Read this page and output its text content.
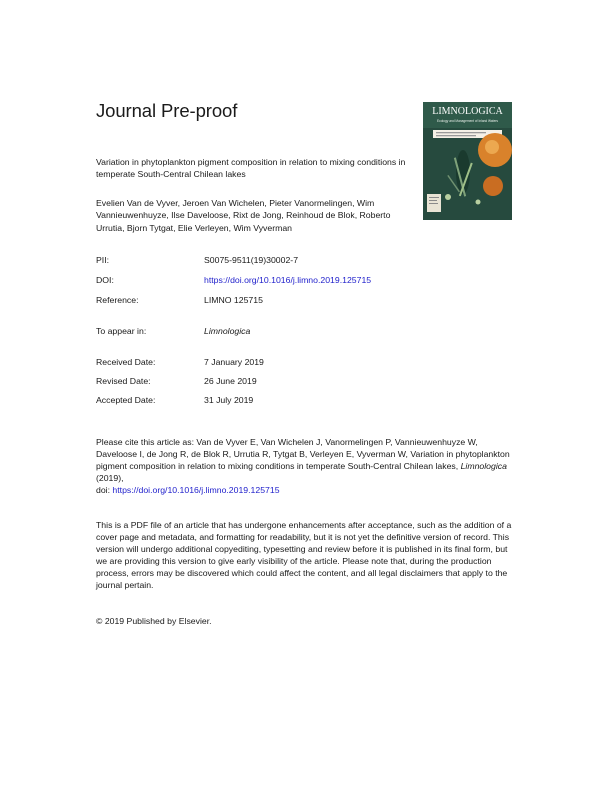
Journal Pre-proof	LIMNOLOGICA
Ecology and Management of Inland Waters

Variation in phytoplankton pigment composition in relation to mixing conditions in temperate South-Central Chilean lakes

Evelien Van de Vyver, Jeroen Van Wichelen, Pieter Vanormelingen, Wim Vannieuwenhuyze, Ilse Daveloose, Rixt de Jong, Reinhoud de Blok, Roberto Urrutia, Bjorn Tytgat, Elie Verleyen, Wim Vyverman

PII:	S0075-9511(19)30002-7
DOI:	https://doi.org/10.1016/j.limno.2019.125715
Reference:	LIMNO 125715
To appear in:	Limnologica
Received Date:	7 January 2019
Revised Date:	26 June 2019
Accepted Date:	31 July 2019

Please cite this article as: Van de Vyver E, Van Wichelen J, Vanormelingen P, Vannieuwenhuyze W, Daveloose I, de Jong R, de Blok R, Urrutia R, Tytgat B, Verleyen E, Vyverman W, Variation in phytoplankton pigment composition in relation to mixing conditions in temperate South-Central Chilean lakes, Limnologica (2019),
doi: https://doi.org/10.1016/j.limno.2019.125715

This is a PDF file of an article that has undergone enhancements after acceptance, such as the addition of a cover page and metadata, and formatting for readability, but it is not yet the definitive version of record. This version will undergo additional copyediting, typesetting and review before it is published in its final form, but we are providing this version to give early visibility of the article. Please note that, during the production process, errors may be discovered which could affect the content, and all legal disclaimers that apply to the journal pertain.

© 2019 Published by Elsevier.
